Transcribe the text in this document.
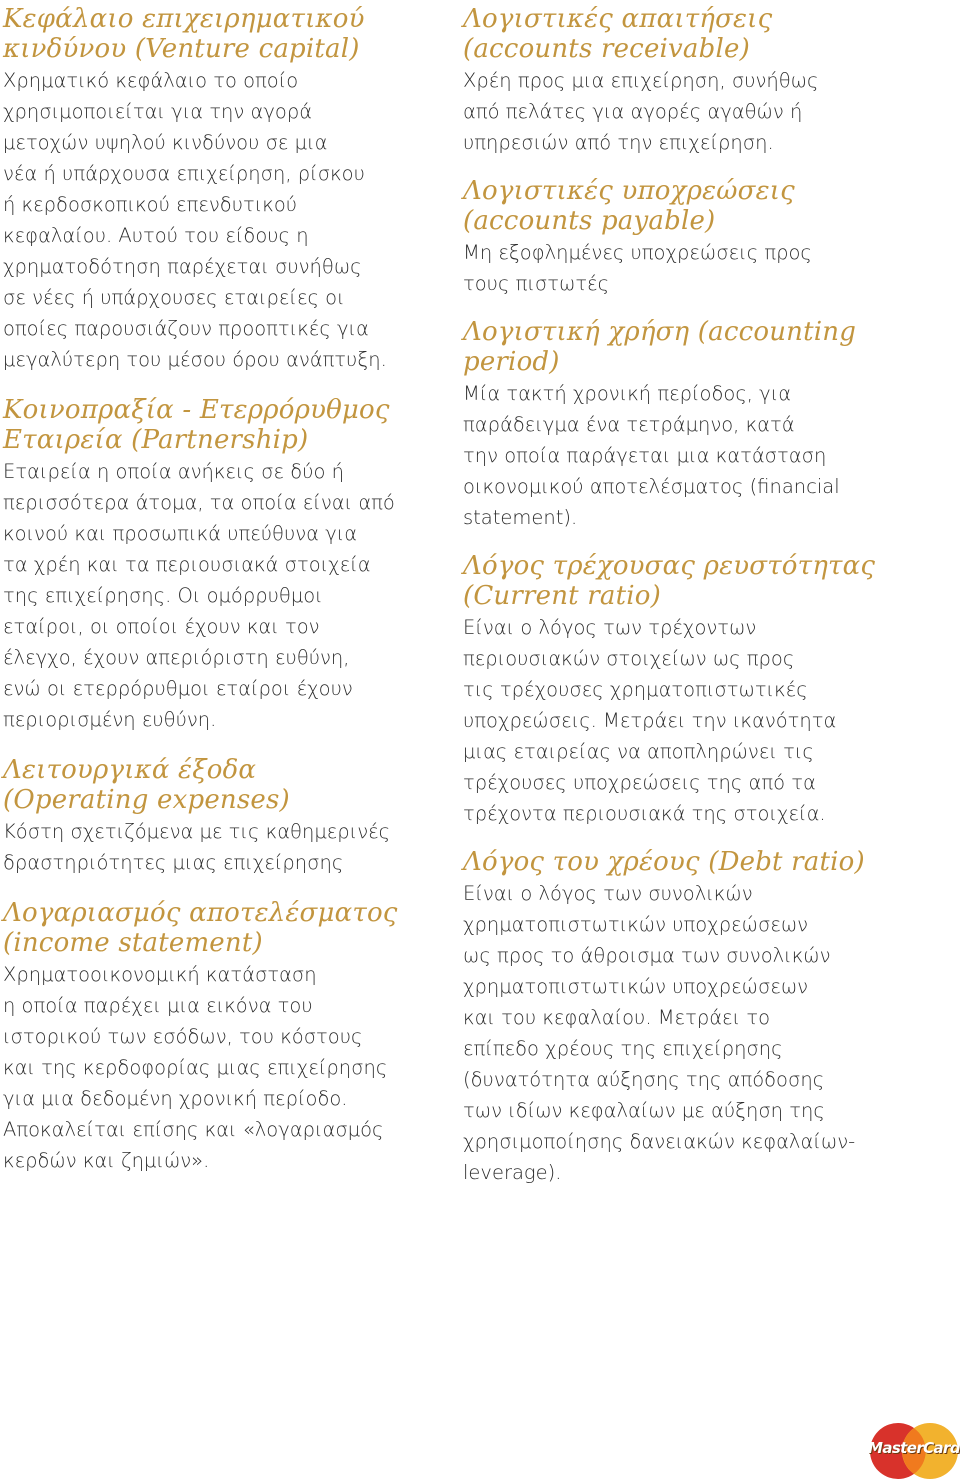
Κεφάλαιο επιχειρηματικού
κινδύνου (Venture capital)

Χρηματικό κεφάλαιο το οποίο
χρησιμοποιείται για την αγορά
μετοχών υψηλού κινδύνου σε μια
νέα ή υπάρχουσα επιχείρηση, ρίσκου
ή κερδοσκοπικού επενδυτικού
κεφαλαίου. Αυτού του είδους η
χρηματοδότηση παρέχεται συνήθως
σε νέες ή υπάρχουσες εταιρείες οι
οποίες παρουσιάζουν προοπτικές για
μεγαλύτερη του μέσου όρου ανάπτυξη.

Κοινοπραξία - Ετερρόρυθμος
Εταιρεία (Partnership)

Εταιρεία η οποία ανήκεις σε δύο ή
περισσότερα άτομα, τα οποία είναι από
κοινού και προσωπικά υπεύθυνα για
τα χρέη και τα περιουσιακά στοιχεία
της επιχείρησης. Οι ομόρρυθμοι
εταίροι, οι οποίοι έχουν και τον
έλεγχο, έχουν απεριόριστη ευθύνη,
ενώ οι ετερρόρυθμοι εταίροι έχουν
περιορισμένη ευθύνη.

Λειτουργικά έξοδα
(Operating expenses)

Κόστη σχετιζόμενα με τις καθημερινές
δραστηριότητες μιας επιχείρησης

Λογαριασμός αποτελέσματος
(income statement)

Χρηματοοικονομική κατάσταση
η οποία παρέχει μια εικόνα του
ιστορικού των εσόδων, του κόστους
και της κερδοφορίας μιας επιχείρησης
για μια δεδομένη χρονική περίοδο.
Αποκαλείται επίσης και «λογαριασμός
κερδών και ζημιών».

Λογιστικές απαιτήσεις
(accounts receivable)

Χρέη προς μια επιχείρηση, συνήθως
από πελάτες για αγορές αγαθών ή
υπηρεσιών από την επιχείρηση.

Λογιστικές υποχρεώσεις
(accounts payable)

Μη εξοφλημένες υποχρεώσεις προς
τους πιστωτές

Λογιστική χρήση (accounting
period)

Μία τακτή χρονική περίοδος, για
παράδειγμα ένα τετράμηνο, κατά
την οποία παράγεται μια κατάσταση
οικονομικού αποτελέσματος (financial
statement).

Λόγος τρέχουσας ρευστότητας
(Current ratio)

Είναι ο λόγος των τρέχοντων
περιουσιακών στοιχείων ως προς
τις τρέχουσες χρηματοπιστωτικές
υποχρεώσεις. Μετράει την ικανότητα
μιας εταιρείας να αποπληρώνει τις
τρέχουσες υποχρεώσεις της από τα
τρέχοντα περιουσιακά της στοιχεία.

Λόγος του χρέους (Debt ratio)

Είναι ο λόγος των συνολικών
χρηματοπιστωτικών υποχρεώσεων
ως προς το άθροισμα των συνολικών
χρηματοπιστωτικών υποχρεώσεων
και του κεφαλαίου. Μετράει το
επίπεδο χρέους της επιχείρησης
(δυνατότητα αύξησης της απόδοσης
των ιδίων κεφαλαίων με αύξηση της
χρησιμοποίησης δανειακών κεφαλαίων-
leverage).

MasterCard
